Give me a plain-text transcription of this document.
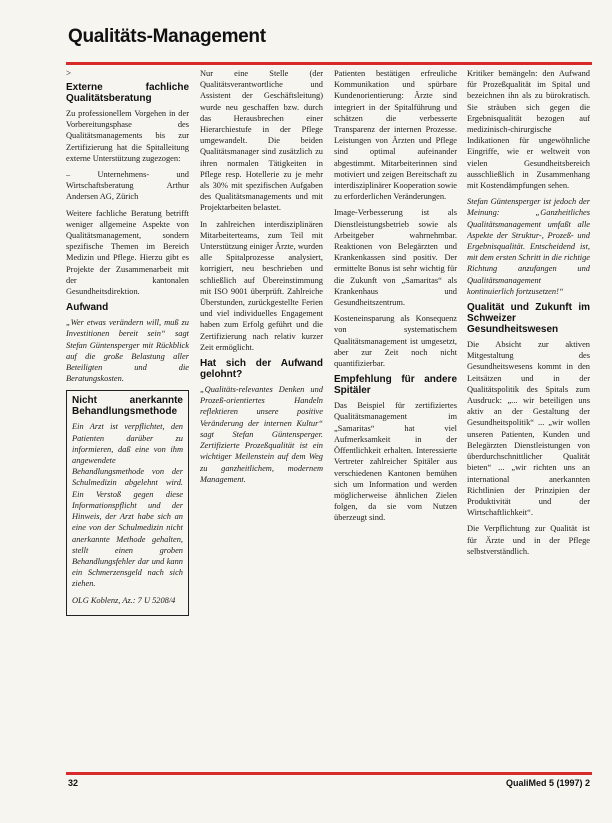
Qualitäts-Management
>
Externe fachliche Qualitätsberatung

Zu professionellem Vorgehen in der Vorbereitungsphase des Qualitätsmanagements bis zur Zertifizierung hat die Spitalleitung externe Unterstützung zugezogen:

– Unternehmens- und Wirtschaftsberatung Arthur Andersen AG, Zürich

Weitere fachliche Beratung betrifft weniger allgemeine Aspekte von Qualitätsmanagement, sondern spezifische Themen im Bereich Medizin und Pflege. Hierzu gibt es Projekte der Zusammenarbeit mit der kantonalen Gesundheitsdirektion.

Aufwand

„Wer etwas verändern will, muß zu Investitionen bereit sein“ sagt Stefan Güntensperger mit Rückblick auf die große Belastung aller Beteiligten und die Beratungskosten.

Nicht anerkannte Behandlungsmethode

Ein Arzt ist verpflichtet, den Patienten darüber zu informieren, daß eine von ihm angewendete Behandlungsmethode von der Schulmedizin abgelehnt wird. Ein Verstoß gegen diese Informationspflicht und der Hinweis, der Arzt habe sich an eine von der Schulmedizin nicht anerkannte Methode gehalten, stellt einen groben Behandlungsfehler dar und kann ein Schmerzensgeld nach sich ziehen.

OLG Koblenz, Az.: 7 U 5208/4

Nur eine Stelle (der Qualitätsverantwortliche und Assistent der Geschäftsleitung) wurde neu geschaffen bzw. durch das Herausbrechen einer Hierarchiestufe in der Pflege umgewandelt. Die beiden Qualitätsmanager sind zusätzlich zu ihren normalen Tätigkeiten in Pflege resp. Hotellerie zu je mehr als 30% mit spezifischen Aufgaben des Qualitätsmanagements und mit Projektarbeiten belastet.

In zahlreichen interdisziplinären Mitarbeiterteams, zum Teil mit Unterstützung einiger Ärzte, wurden alle Spitalprozesse analysiert, korrigiert, neu beschrieben und schließlich auf Übereinstimmung mit ISO 9001 überprüft. Zahlreiche Überstunden, zurückgestellte Ferien und viel individuelles Engagement haben zum Erfolg geführt und die Zertifizierung nach relativ kurzer Zeit ermöglicht.

Hat sich der Aufwand gelohnt?

„Qualitäts-relevantes Denken und Prozeß-orientiertes Handeln reflektieren unsere positive Veränderung der internen Kultur“ sagt Stefan Güntensperger. Zertifizierte Prozeßqualität ist ein wichtiger Meilenstein auf dem Weg zu ganzheitlichem, modernem Management.

Patienten bestätigen erfreuliche Kommunikation und spürbare Kundenorientierung: Ärzte sind integriert in der Spitalführung und schätzen die verbesserte Transparenz der internen Prozesse. Leistungen von Ärzten und Pflege sind optimal aufeinander abgestimmt. Mitarbeiterinnen sind motiviert und zeigen Bereitschaft zu interdisziplinärer Kooperation sowie zu erforderlichen Veränderungen.

Image-Verbesserung ist als Dienstleistungsbetrieb sowie als Arbeitgeber wahrnehmbar. Reaktionen von Belegärzten und Krankenkassen sind positiv. Der ermittelte Bonus ist sehr wichtig für die Zukunft von „Samaritas“ als Krankenhaus und Gesundheitszentrum.

Kosteneinsparung als Konsequenz von systematischem Qualitätsmanagement ist umgesetzt, aber zur Zeit noch nicht quantifizierbar.

Empfehlung für andere Spitäler

Das Beispiel für zertifiziertes Qualitätsmanagement im „Samaritas“ hat viel Aufmerksamkeit in der Öffentlichkeit erhalten. Interessierte Vertreter zahlreicher Spitäler aus verschiedenen Kantonen bemühen sich um Information und werden möglicherweise ähnlichen Zielen folgen, da sie vom Nutzen überzeugt sind.

Kritiker bemängeln: den Aufwand für Prozeßqualität im Spital und bezeichnen ihn als zu bürokratisch. Sie sträuben sich gegen die Ergebnisqualität bezogen auf medizinisch-chirurgische Indikationen für ungewöhnliche Eingriffe, wie er weltweit von vielen Gesundheitsbereich ausschließlich in Zusammenhang mit Kostendämpfungen sehen.

Stefan Güntensperger ist jedoch der Meinung: „Ganzheitliches Qualitätsmanagement umfaßt alle Aspekte der Struktur-, Prozeß- und Ergebnisqualität. Entscheidend ist, mit dem ersten Schritt in die richtige Richtung anzufangen und Qualitätsmanagement kontinuierlich fortzusetzen!“

Qualität und Zukunft im Schweizer Gesundheitswesen

Die Absicht zur aktiven Mitgestaltung des Gesundheitswesens kommt in den Leitsätzen und in der Qualitätspolitik des Spitals zum Ausdruck: „... wir beteiligen uns aktiv an der Gestaltung der Gesundheitspolitik“ ... „wir wollen unseren Patienten, Kunden und Belegärzten Dienstleistungen von überdurchschnittlicher Qualität bieten“ ... „wir richten uns an international anerkannten Richtlinien der Prinzipien der Produktivität und der Wirtschaftlichkeit“.

Die Verpflichtung zur Qualität ist für Ärzte und in der Pflege selbstverständlich.

32	QualiMed 5 (1997) 2
